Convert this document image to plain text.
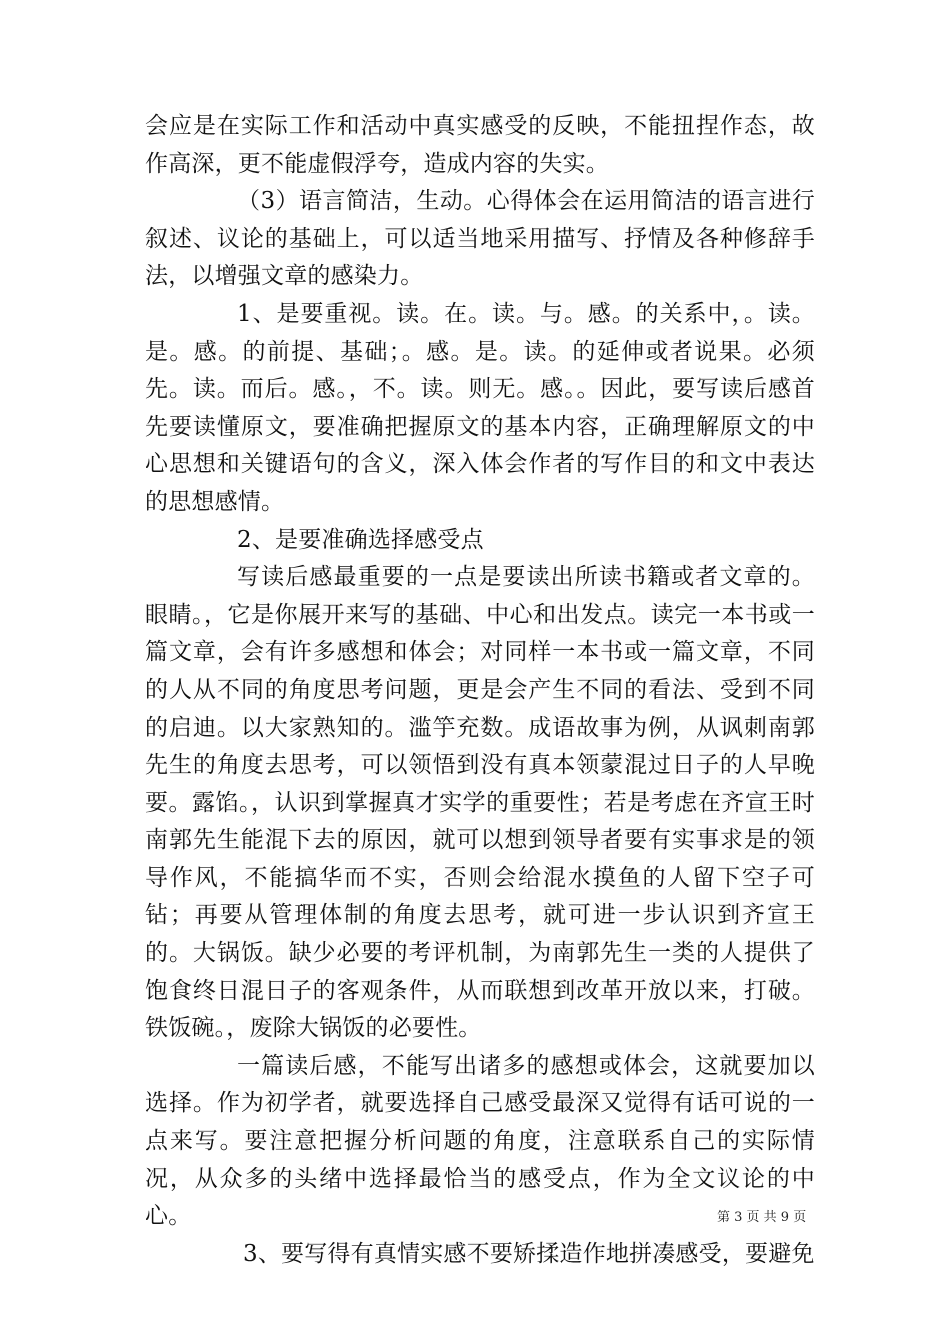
会应是在实际工作和活动中真实感受的反映，不能扭捏作态，故作高深，更不能虚假浮夸，造成内容的失实。

（3）语言简洁，生动。心得体会在运用简洁的语言进行叙述、议论的基础上，可以适当地采用描写、抒情及各种修辞手法，以增强文章的感染力。

1、是要重视。读。在。读。与。感。的关系中，。读。是。感。的前提、基础；。感。是。读。的延伸或者说果。必须先。读。而后。感。，不。读。则无。感。。因此，要写读后感首先要读懂原文，要准确把握原文的基本内容，正确理解原文的中心思想和关键语句的含义，深入体会作者的写作目的和文中表达的思想感情。

2、是要准确选择感受点

写读后感最重要的一点是要读出所读书籍或者文章的。眼睛。，它是你展开来写的基础、中心和出发点。读完一本书或一篇文章，会有许多感想和体会；对同样一本书或一篇文章，不同的人从不同的角度思考问题，更是会产生不同的看法、受到不同的启迪。以大家熟知的。滥竽充数。成语故事为例，从讽刺南郭先生的角度去思考，可以领悟到没有真本领蒙混过日子的人早晚要。露馅。，认识到掌握真才实学的重要性；若是考虑在齐宣王时南郭先生能混下去的原因，就可以想到领导者要有实事求是的领导作风，不能搞华而不实，否则会给混水摸鱼的人留下空子可钻；再要从管理体制的角度去思考，就可进一步认识到齐宣王的。大锅饭。缺少必要的考评机制，为南郭先生一类的人提供了饱食终日混日子的客观条件，从而联想到改革开放以来，打破。铁饭碗。，废除大锅饭的必要性。

一篇读后感，不能写出诸多的感想或体会，这就要加以选择。作为初学者，就要选择自己感受最深又觉得有话可说的一点来写。要注意把握分析问题的角度，注意联系自己的实际情况，从众多的头绪中选择最恰当的感受点，作为全文议论的中心。

3、要写得有真情实感不要矫揉造作地拼凑感受，要避免

第 3 页 共 9 页
